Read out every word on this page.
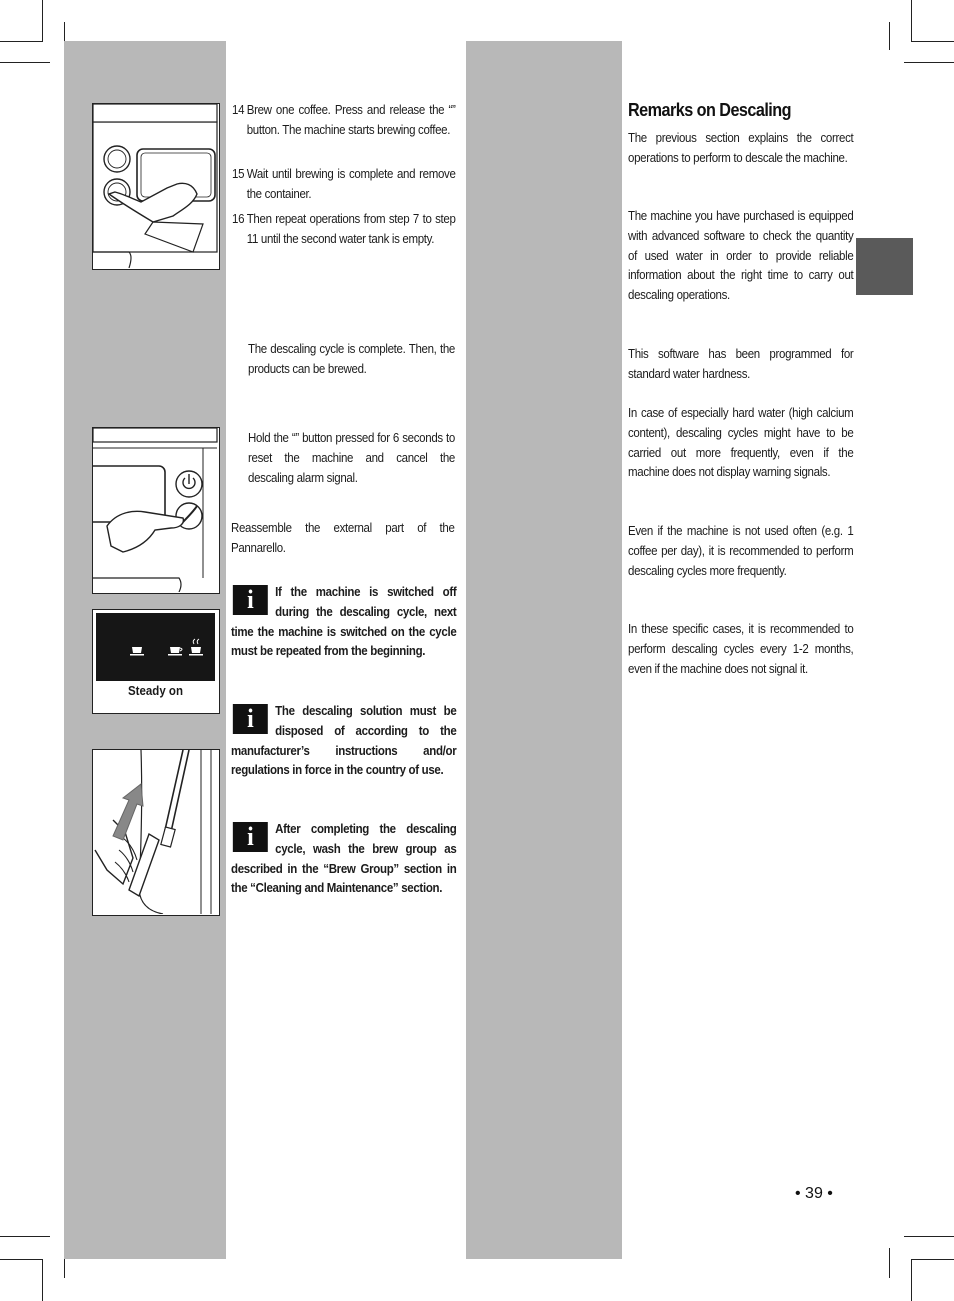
Steady on
14 Brew one coffee. Press and release the “” button. The machine starts brewing coffee.
15 Wait until brewing is complete and remove the container.
16 Then repeat operations from step 7 to step 11 until the second water tank is empty.
The descaling cycle is complete. Then, the products can be brewed.
Hold the “” button pressed for 6 seconds to reset the machine and cancel the descaling alarm signal.
Reassemble the external part of the Pannarello.
i	If the machine is switched off during the descaling cycle, next time the machine is switched on the cycle must be repeated from the beginning.
i	The descaling solution must be disposed of according to the manufacturer’s instructions and/or regulations in force in the country of use.
i	After completing the descaling cycle, wash the brew group as described in the “Brew Group” section in the “Cleaning and Maintenance” section.
Remarks on Descaling
The previous section explains the correct operations to perform to descale the machine.
The machine you have purchased is equipped with advanced software to check the quantity of used water in order to provide reliable information about the right time to carry out descaling operations.
This software has been programmed for standard water hardness.
In case of especially hard water (high calcium content), descaling cycles might have to be carried out more frequently, even if the machine does not display warning signals.
Even if the machine is not used often (e.g. 1 coffee per day), it is recommended to perform descaling cycles more frequently.
In these specific cases, it is recommended to perform descaling cycles every 1-2 months, even if the machine does not signal it.
• 39 •
